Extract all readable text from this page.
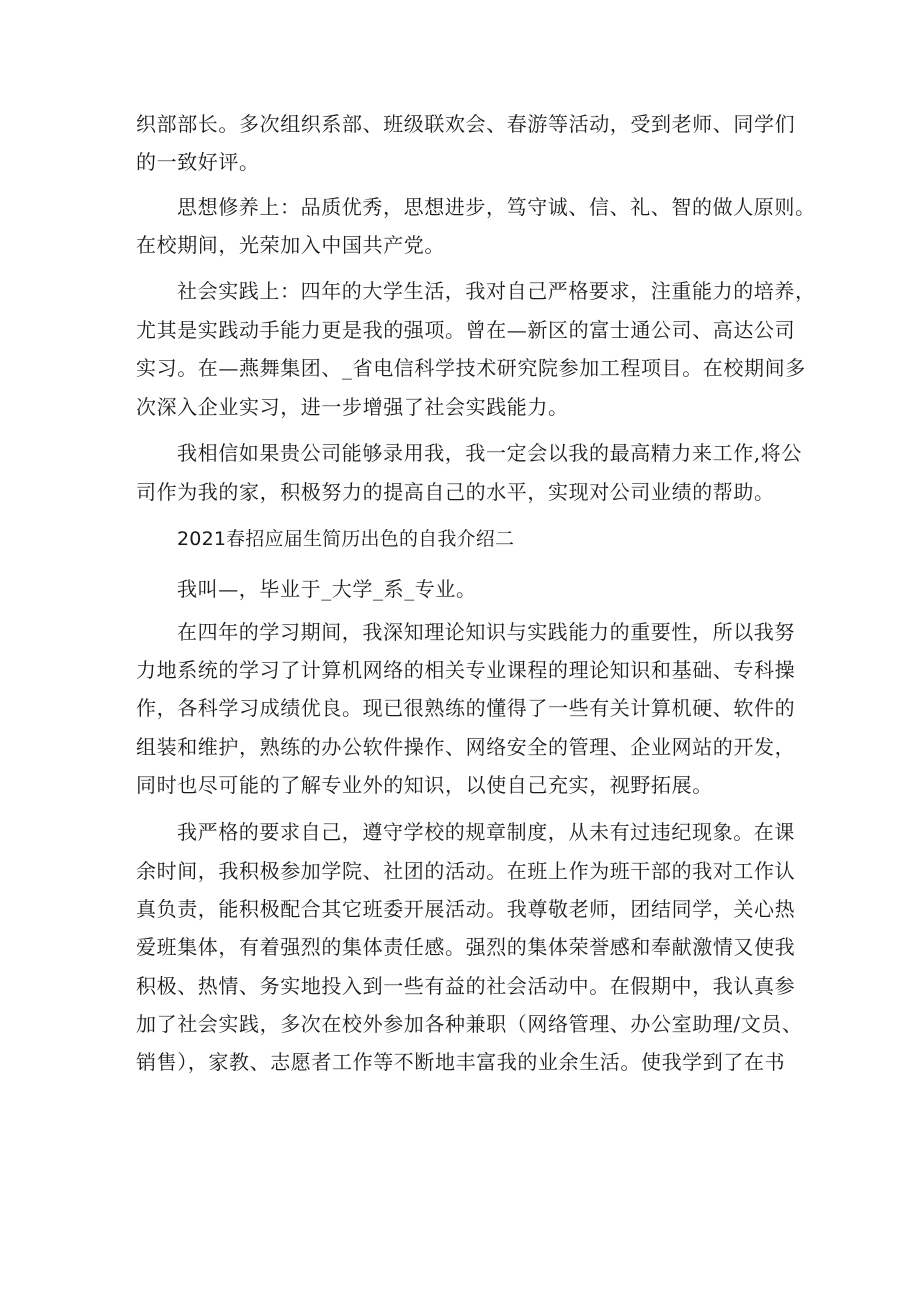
织部部长。多次组织系部、班级联欢会、春游等活动，受到老师、同学们
的一致好评。
思想修养上：品质优秀，思想进步，笃守诚、信、礼、智的做人原则。
在校期间，光荣加入中国共产党。
社会实践上：四年的大学生活，我对自己严格要求，注重能力的培养，
尤其是实践动手能力更是我的强项。曾在—新区的富士通公司、高达公司
实习。在—燕舞集团、_省电信科学技术研究院参加工程项目。在校期间多
次深入企业实习，进一步增强了社会实践能力。
我相信如果贵公司能够录用我，我一定会以我的最高精力来工作,将公
司作为我的家，积极努力的提高自己的水平，实现对公司业绩的帮助。
2021春招应届生简历出色的自我介绍二
我叫—，毕业于_大学_系_专业。
在四年的学习期间，我深知理论知识与实践能力的重要性，所以我努
力地系统的学习了计算机网络的相关专业课程的理论知识和基础、专科操
作，各科学习成绩优良。现已很熟练的懂得了一些有关计算机硬、软件的
组装和维护，熟练的办公软件操作、网络安全的管理、企业网站的开发，
同时也尽可能的了解专业外的知识，以使自己充实，视野拓展。
我严格的要求自己，遵守学校的规章制度，从未有过违纪现象。在课
余时间，我积极参加学院、社团的活动。在班上作为班干部的我对工作认
真负责，能积极配合其它班委开展活动。我尊敬老师，团结同学，关心热
爱班集体，有着强烈的集体责任感。强烈的集体荣誉感和奉献激情又使我
积极、热情、务实地投入到一些有益的社会活动中。在假期中，我认真参
加了社会实践，多次在校外参加各种兼职（网络管理、办公室助理/文员、
销售），家教、志愿者工作等不断地丰富我的业余生活。使我学到了在书
